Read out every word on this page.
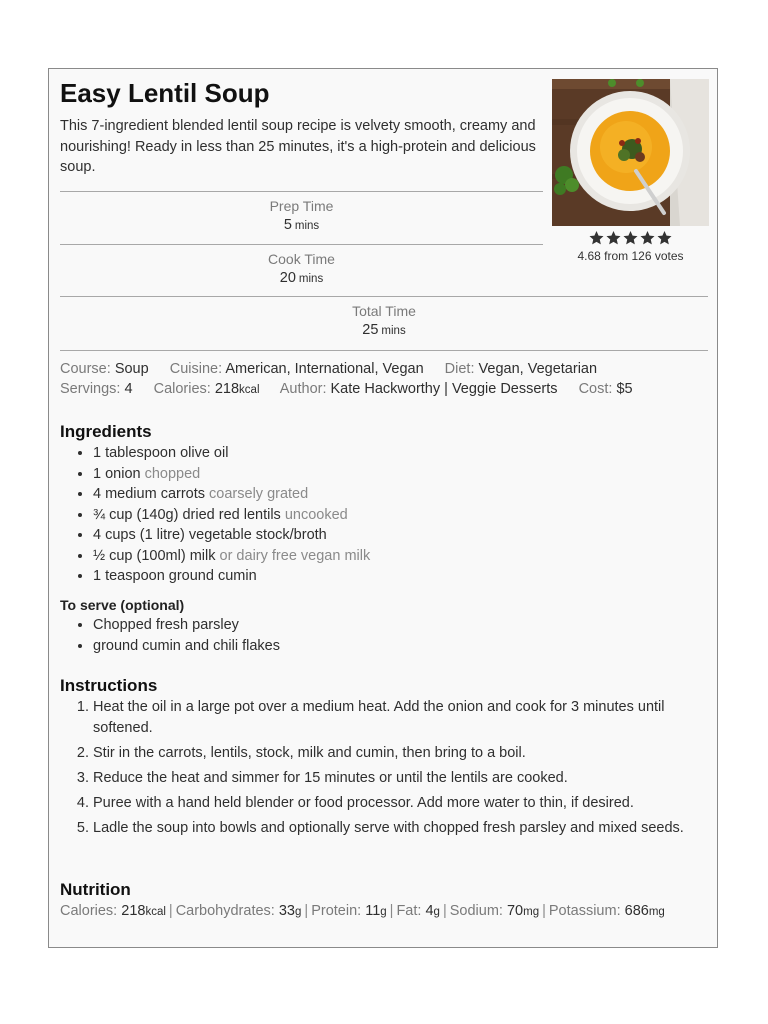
Easy Lentil Soup
This 7-ingredient blended lentil soup recipe is velvety smooth, creamy and nourishing! Ready in less than 25 minutes, it's a high-protein and delicious soup.
4.68 from 126 votes
Prep Time
5 mins
Cook Time
20 mins
Total Time
25 mins
Course: Soup Cuisine: American, International, Vegan Diet: Vegan, Vegetarian
Servings: 4 Calories: 218kcal Author: Kate Hackworthy | Veggie Desserts Cost: $5
Ingredients
• 1 tablespoon olive oil
• 1 onion chopped
• 4 medium carrots coarsely grated
• ¾ cup (140g) dried red lentils uncooked
• 4 cups (1 litre) vegetable stock/broth
• ½ cup (100ml) milk or dairy free vegan milk
• 1 teaspoon ground cumin
To serve (optional)
• Chopped fresh parsley
• ground cumin and chili flakes
Instructions
1. Heat the oil in a large pot over a medium heat. Add the onion and cook for 3 minutes until softened.
2. Stir in the carrots, lentils, stock, milk and cumin, then bring to a boil.
3. Reduce the heat and simmer for 15 minutes or until the lentils are cooked.
4. Puree with a hand held blender or food processor. Add more water to thin, if desired.
5. Ladle the soup into bowls and optionally serve with chopped fresh parsley and mixed seeds.
Nutrition
Calories: 218kcal | Carbohydrates: 33g | Protein: 11g | Fat: 4g | Sodium: 70mg | Potassium: 686mg
